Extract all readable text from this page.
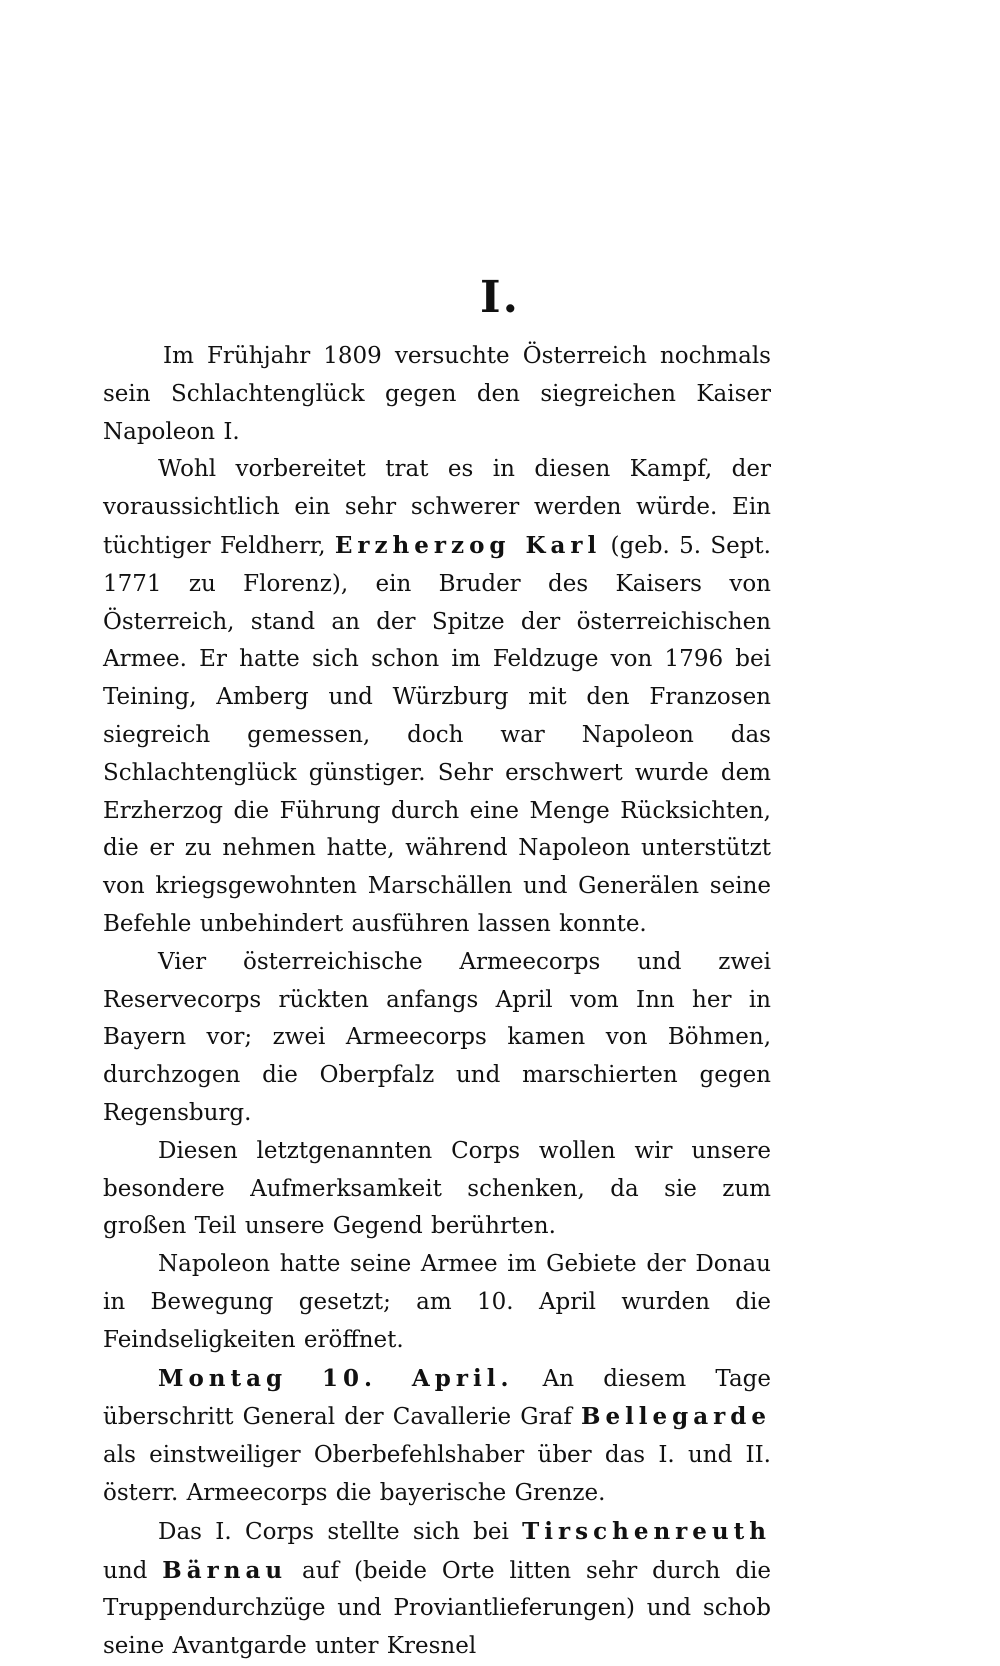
I.

Im Frühjahr 1809 versuchte Österreich nochmals sein Schlachtenglück gegen den siegreichen Kaiser Napoleon I.

Wohl vorbereitet trat es in diesen Kampf, der voraussichtlich ein sehr schwerer werden würde. Ein tüchtiger Feldherr, Erzherzog Karl (geb. 5. Sept. 1771 zu Florenz), ein Bruder des Kaisers von Österreich, stand an der Spitze der österreichischen Armee. Er hatte sich schon im Feldzuge von 1796 bei Teining, Amberg und Würzburg mit den Franzosen siegreich gemessen, doch war Napoleon das Schlachtenglück günstiger. Sehr erschwert wurde dem Erzherzog die Führung durch eine Menge Rücksichten, die er zu nehmen hatte, während Napoleon unterstützt von kriegsgewohnten Marschällen und Generälen seine Befehle unbehindert ausführen lassen konnte.

Vier österreichische Armeecorps und zwei Reservecorps rückten anfangs April vom Inn her in Bayern vor; zwei Armeecorps kamen von Böhmen, durchzogen die Oberpfalz und marschierten gegen Regensburg.

Diesen letztgenannten Corps wollen wir unsere besondere Aufmerksamkeit schenken, da sie zum großen Teil unsere Gegend berührten.

Napoleon hatte seine Armee im Gebiete der Donau in Bewegung gesetzt; am 10. April wurden die Feindseligkeiten eröffnet.

Montag 10. April. An diesem Tage überschritt General der Cavallerie Graf Bellegarde als einstweiliger Oberbefehlshaber über das I. und II. österr. Armeecorps die bayerische Grenze.

Das I. Corps stellte sich bei Tirschenreuth und Bärnau auf (beide Orte litten sehr durch die Truppendurchzüge und Proviantlieferungen) und schob seine Avantgarde unter Kresnel
